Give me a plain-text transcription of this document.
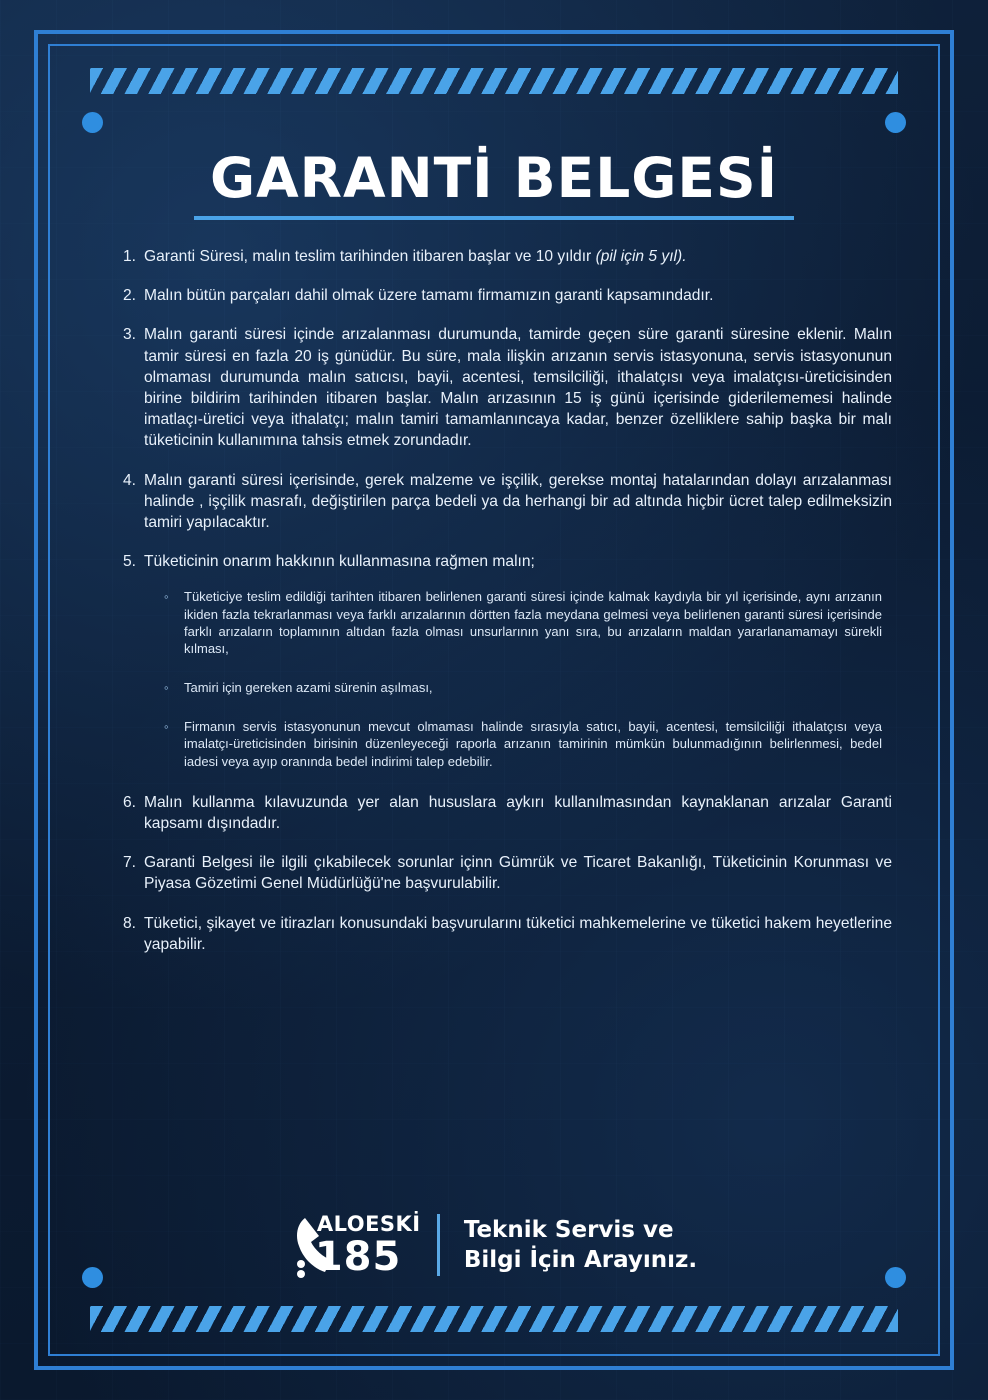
GARANTİ BELGESİ
Garanti Süresi, malın teslim tarihinden itibaren başlar ve 10 yıldır (pil için 5 yıl).
Malın bütün parçaları dahil olmak üzere tamamı firmamızın garanti kapsamındadır.
Malın garanti süresi içinde arızalanması durumunda, tamirde geçen süre garanti süresine eklenir. Malın tamir süresi en fazla 20 iş günüdür. Bu süre, mala ilişkin arızanın servis istasyonuna, servis istasyonunun olmaması durumunda malın satıcısı, bayii, acentesi, temsilciliği, ithalatçısı veya imalatçısı-üreticisinden birine bildirim tarihinden itibaren başlar. Malın arızasının 15 iş günü içerisinde giderilememesi halinde imatlaçı-üretici veya ithalatçı; malın tamiri tamamlanıncaya kadar, benzer özelliklere sahip başka bir malı tüketicinin kullanımına tahsis etmek zorundadır.
Malın garanti süresi içerisinde, gerek malzeme ve işçilik, gerekse montaj hatalarından dolayı arızalanması halinde , işçilik masrafı, değiştirilen parça bedeli ya da herhangi bir ad altında hiçbir ücret talep edilmeksizin tamiri yapılacaktır.
Tüketicinin onarım hakkının kullanmasına rağmen malın;
◦ Tüketiciye teslim edildiği tarihten itibaren belirlenen garanti süresi içinde kalmak kaydıyla bir yıl içerisinde, aynı arızanın ikiden fazla tekrarlanması veya farklı arızalarının dörtten fazla meydana gelmesi veya belirlenen garanti süresi içerisinde farklı arızaların toplamının altıdan fazla olması unsurlarının yanı sıra, bu arızaların maldan yararlanamamayı sürekli kılması,
◦ Tamiri için gereken azami sürenin aşılması,
◦ Firmanın servis istasyonunun mevcut olmaması halinde sırasıyla satıcı, bayii, acentesi, temsilciliği ithalatçısı veya imalatçı-üreticisinden birisinin düzenleyeceği raporla arızanın tamirinin mümkün bulunmadığının belirlenmesi, bedel iadesi veya ayıp oranında bedel indirimi talep edebilir.
Malın kullanma kılavuzunda yer alan hususlara aykırı kullanılmasından kaynaklanan arızalar Garanti kapsamı dışındadır.
Garanti Belgesi ile ilgili çıkabilecek sorunlar içinn Gümrük ve Ticaret Bakanlığı, Tüketicinin Korunması ve Piyasa Gözetimi Genel Müdürlüğü'ne başvurulabilir.
Tüketici, şikayet ve itirazları konusundaki başvurularını tüketici mahkemelerine ve tüketici hakem heyetlerine yapabilir.
ALOESKİ
185
Teknik Servis ve
Bilgi İçin Arayınız.
